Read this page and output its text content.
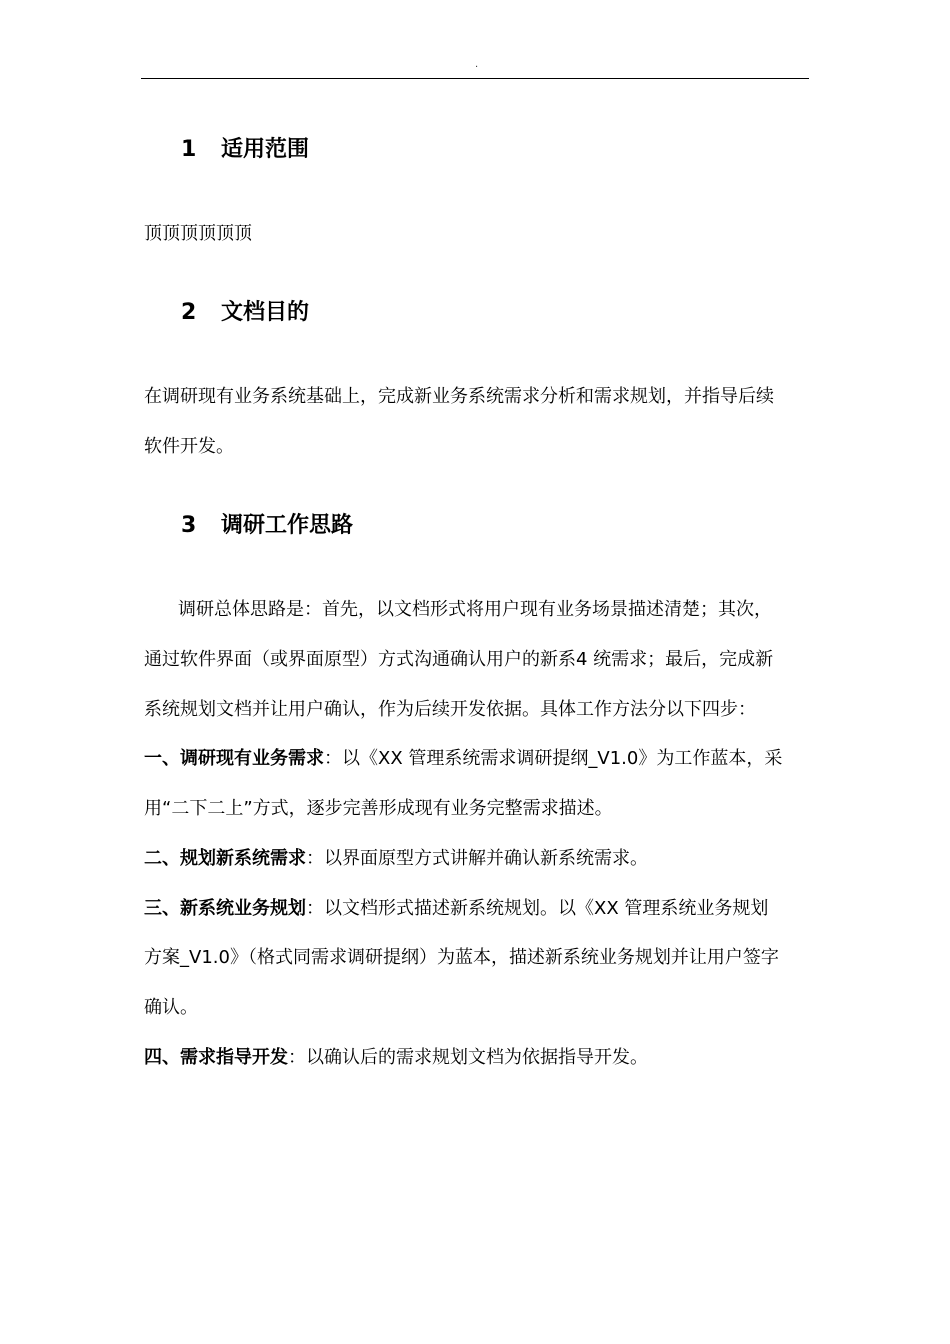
.
1 适用范围
顶顶顶顶顶顶
2 文档目的
在调研现有业务系统基础上，完成新业务系统需求分析和需求规划，并指导后续
软件开发。
3 调研工作思路
调研总体思路是：首先，以文档形式将用户现有业务场景描述清楚；其次，
通过软件界面（或界面原型）方式沟通确认用户的新系4 统需求；最后，完成新
系统规划文档并让用户确认，作为后续开发依据。具体工作方法分以下四步：
一、调研现有业务需求：以《XX 管理系统需求调研提纲_V1.0》为工作蓝本，采
用“二下二上”方式，逐步完善形成现有业务完整需求描述。
二、规划新系统需求：以界面原型方式讲解并确认新系统需求。
三、新系统业务规划：以文档形式描述新系统规划。以《XX 管理系统业务规划
方案_V1.0》（格式同需求调研提纲）为蓝本，描述新系统业务规划并让用户签字
确认。
四、需求指导开发：以确认后的需求规划文档为依据指导开发。
